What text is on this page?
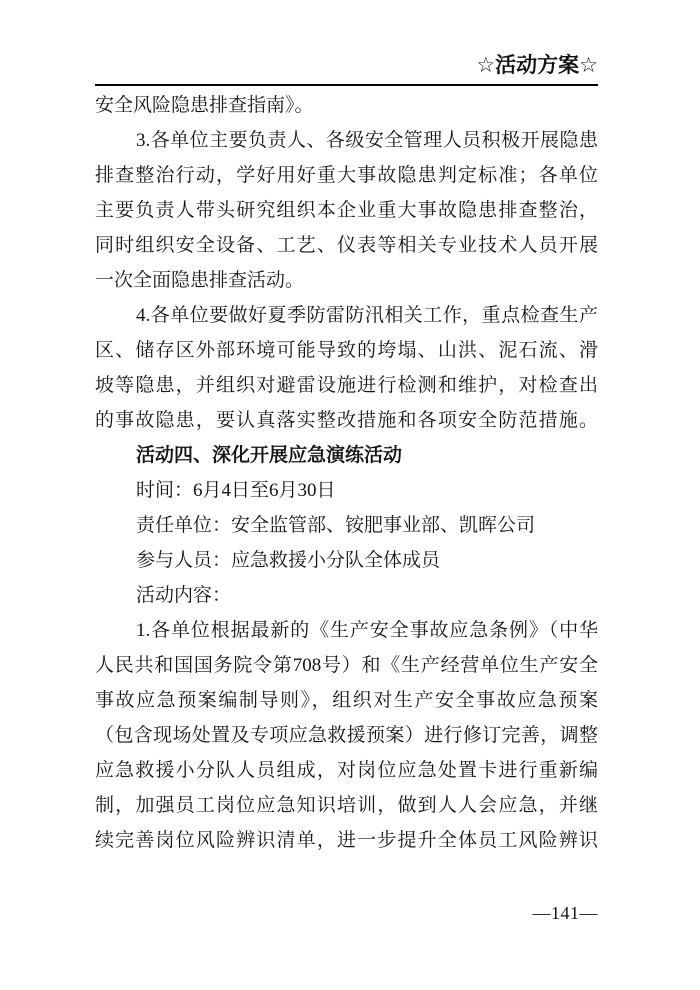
☆活动方案☆
安全风险隐患排查指南》。
3.各单位主要负责人、各级安全管理人员积极开展隐患
排查整治行动，学好用好重大事故隐患判定标准；各单位
主要负责人带头研究组织本企业重大事故隐患排查整治，
同时组织安全设备、工艺、仪表等相关专业技术人员开展
一次全面隐患排查活动。
4.各单位要做好夏季防雷防汛相关工作，重点检查生产
区、储存区外部环境可能导致的垮塌、山洪、泥石流、滑
坡等隐患，并组织对避雷设施进行检测和维护，对检查出
的事故隐患，要认真落实整改措施和各项安全防范措施。
活动四、深化开展应急演练活动
时间：6月4日至6月30日
责任单位：安全监管部、铵肥事业部、凯晖公司
参与人员：应急救援小分队全体成员
活动内容：
1.各单位根据最新的《生产安全事故应急条例》（中华
人民共和国国务院令第708号）和《生产经营单位生产安全
事故应急预案编制导则》，组织对生产安全事故应急预案
（包含现场处置及专项应急救援预案）进行修订完善，调整
应急救援小分队人员组成，对岗位应急处置卡进行重新编
制，加强员工岗位应急知识培训，做到人人会应急，并继
续完善岗位风险辨识清单，进一步提升全体员工风险辨识
—141—
